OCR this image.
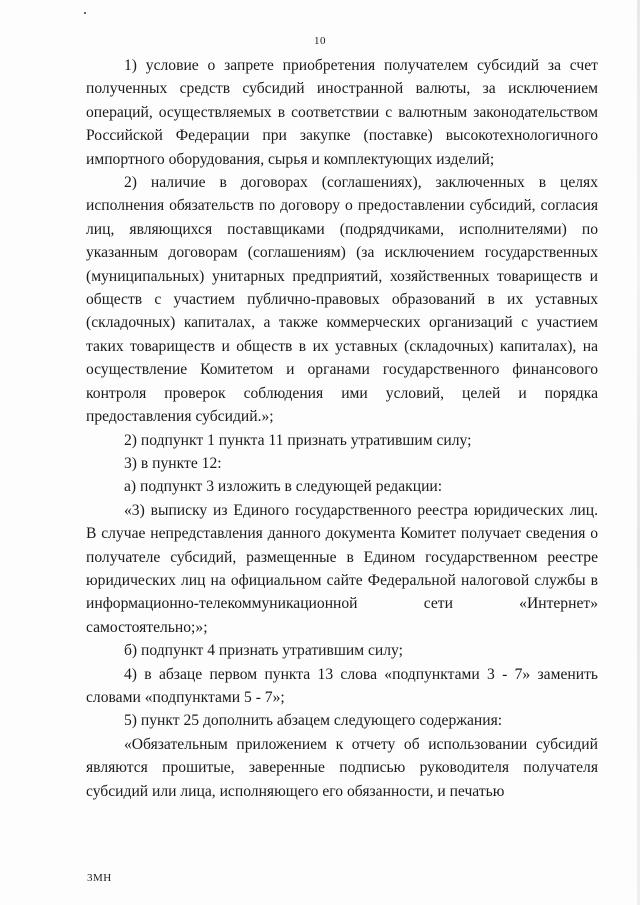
10

1) условие о запрете приобретения получателем субсидий за счет полученных средств субсидий иностранной валюты, за исключением операций, осуществляемых в соответствии с валютным законодательством Российской Федерации при закупке (поставке) высокотехнологичного импортного оборудования, сырья и комплектующих изделий;

2) наличие в договорах (соглашениях), заключенных в целях исполнения обязательств по договору о предоставлении субсидий, согласия лиц, являющихся поставщиками (подрядчиками, исполнителями) по указанным договорам (соглашениям) (за исключением государственных (муниципальных) унитарных предприятий, хозяйственных товариществ и обществ с участием публично-правовых образований в их уставных (складочных) капиталах, а также коммерческих организаций с участием таких товариществ и обществ в их уставных (складочных) капиталах), на осуществление Комитетом и органами государственного финансового контроля проверок соблюдения ими условий, целей и порядка предоставления субсидий.»;

2) подпункт 1 пункта 11 признать утратившим силу;

3) в пункте 12:

а) подпункт 3 изложить в следующей редакции:

«3) выписку из Единого государственного реестра юридических лиц. В случае непредставления данного документа Комитет получает сведения о получателе субсидий, размещенные в Едином государственном реестре юридических лиц на официальном сайте Федеральной налоговой службы в информационно-телекоммуникационной сети «Интернет» самостоятельно;»;

б) подпункт 4 признать утратившим силу;

4) в абзаце первом пункта 13 слова «подпунктами 3 - 7» заменить словами «подпунктами 5 - 7»;

5) пункт 25 дополнить абзацем следующего содержания:

«Обязательным приложением к отчету об использовании субсидий являются прошитые, заверенные подписью руководителя получателя субсидий или лица, исполняющего его обязанности, и печатью

3МН
